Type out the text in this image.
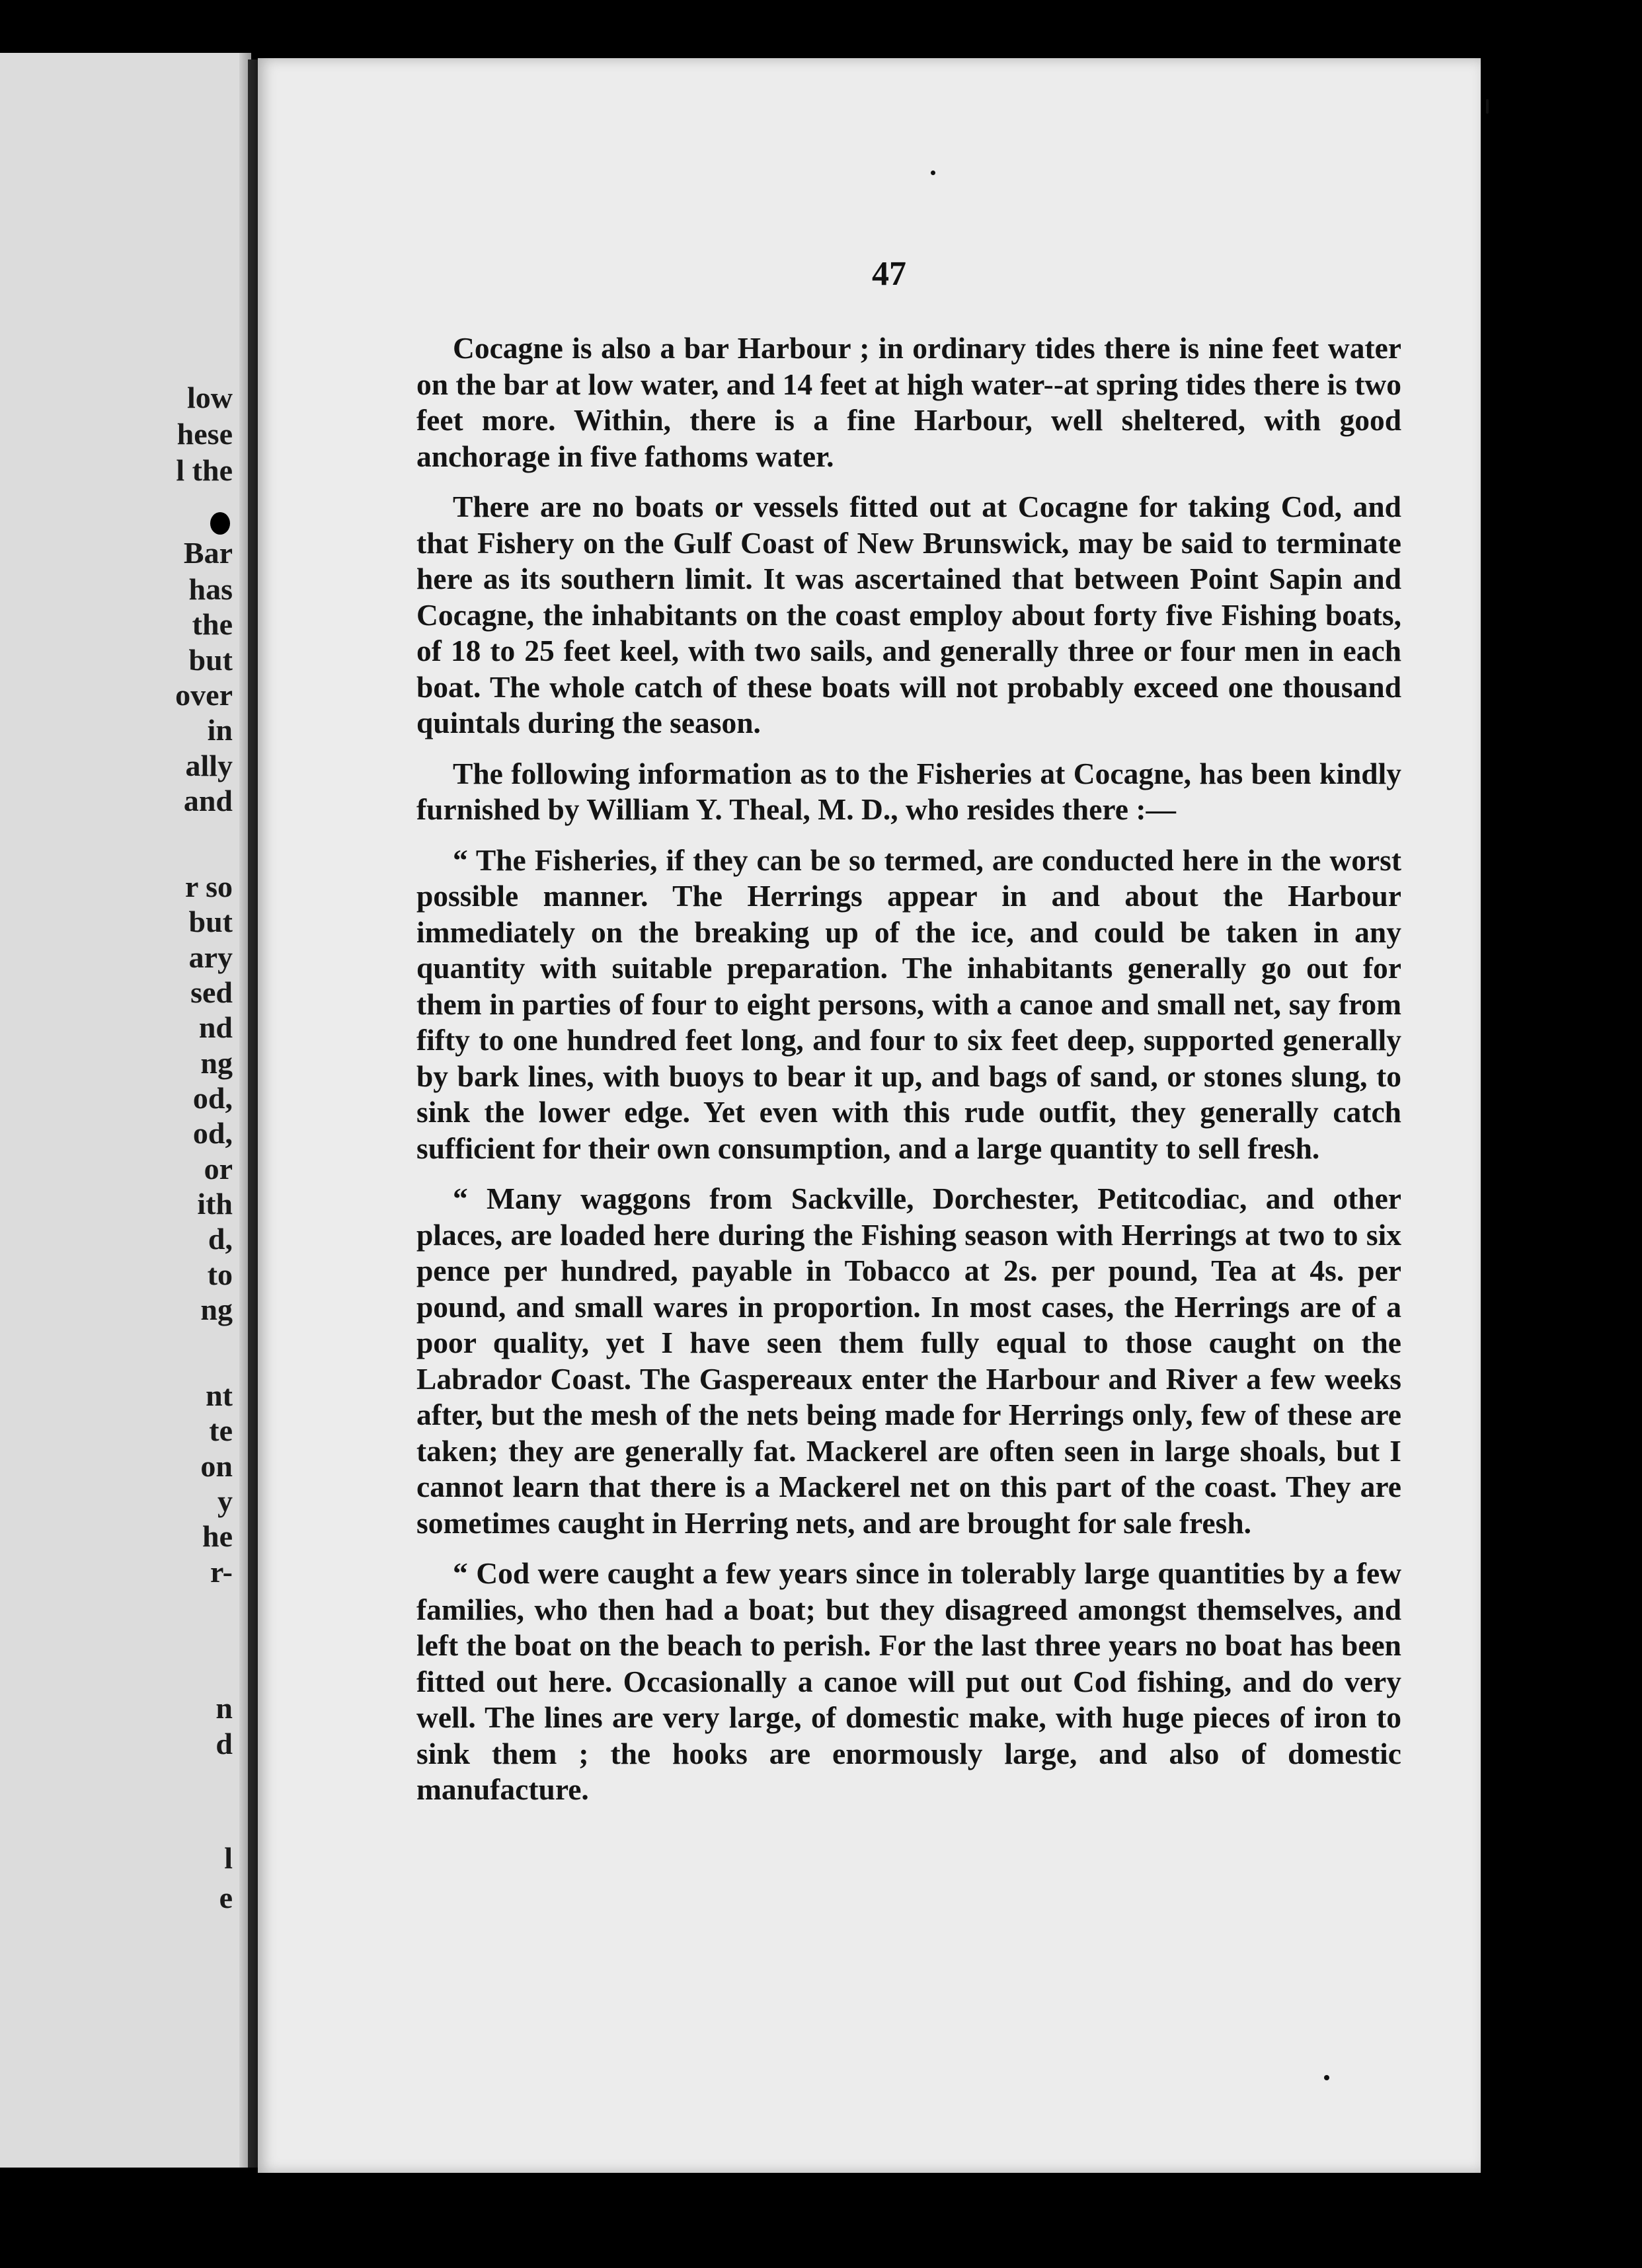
low
hese
l the
Bar
has
the
but
over
in
ally
and
r so
but
ary
sed
nd
ng
od,
od,
or
ith
d,
to
ng
nt
te
on
y
he
r-
n
d
l
e
47

Cocagne is also a bar Harbour ; in ordinary tides there is nine feet water on the bar at low water, and 14 feet at high water--at spring tides there is two feet more. Within, there is a fine Harbour, well sheltered, with good anchorage in five fathoms water.

There are no boats or vessels fitted out at Cocagne for taking Cod, and that Fishery on the Gulf Coast of New Brunswick, may be said to terminate here as its southern limit. It was ascertained that between Point Sapin and Cocagne, the inhabitants on the coast employ about forty five Fishing boats, of 18 to 25 feet keel, with two sails, and generally three or four men in each boat. The whole catch of these boats will not probably exceed one thousand quintals during the season.

The following information as to the Fisheries at Cocagne, has been kindly furnished by William Y. Theal, M. D., who resides there :—

“ The Fisheries, if they can be so termed, are conducted here in the worst possible manner. The Herrings appear in and about the Harbour immediately on the breaking up of the ice, and could be taken in any quantity with suitable preparation. The inhabitants generally go out for them in parties of four to eight persons, with a canoe and small net, say from fifty to one hundred feet long, and four to six feet deep, supported generally by bark lines, with buoys to bear it up, and bags of sand, or stones slung, to sink the lower edge. Yet even with this rude outfit, they generally catch sufficient for their own consumption, and a large quantity to sell fresh.

“ Many waggons from Sackville, Dorchester, Petitcodiac, and other places, are loaded here during the Fishing season with Herrings at two to six pence per hundred, payable in Tobacco at 2s. per pound, Tea at 4s. per pound, and small wares in proportion. In most cases, the Herrings are of a poor quality, yet I have seen them fully equal to those caught on the Labrador Coast. The Gaspereaux enter the Harbour and River a few weeks after, but the mesh of the nets being made for Herrings only, few of these are taken; they are generally fat. Mackerel are often seen in large shoals, but I cannot learn that there is a Mackerel net on this part of the coast. They are sometimes caught in Herring nets, and are brought for sale fresh.

“ Cod were caught a few years since in tolerably large quantities by a few families, who then had a boat; but they disagreed amongst themselves, and left the boat on the beach to perish. For the last three years no boat has been fitted out here. Occasionally a canoe will put out Cod fishing, and do very well. The lines are very large, of domestic make, with huge pieces of iron to sink them ; the hooks are enormously large, and also of domestic manufacture.
